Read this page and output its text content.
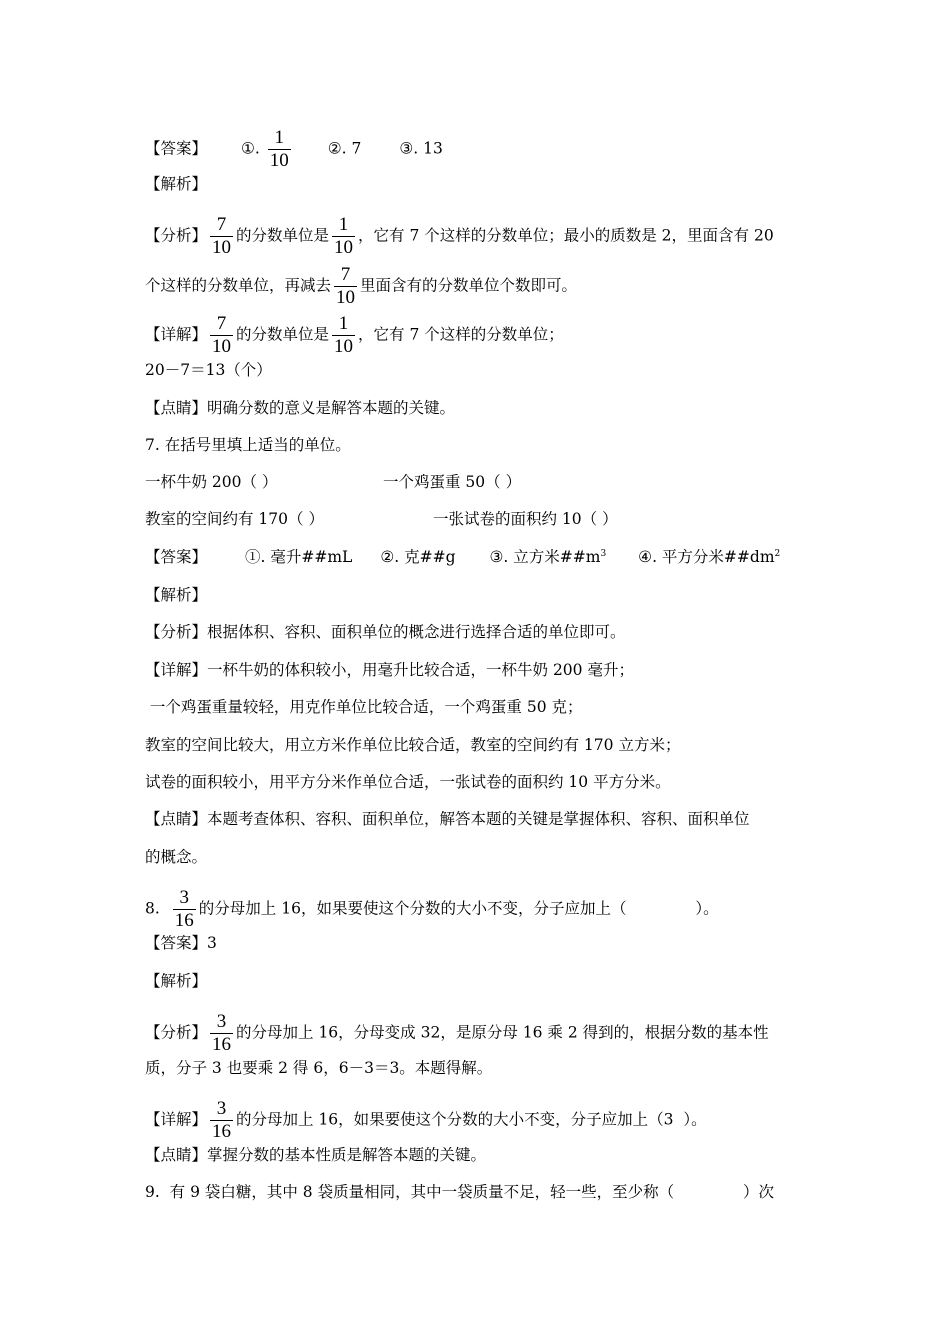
【答案】 ①. $\frac{1}{10}$ ②. 7 ③. 13
【解析】
【分析】 $\frac{7}{10}$ 的分数单位是 $\frac{1}{10}$ ，它有 7 个这样的分数单位；最小的质数是 2，里面含有 20
个这样的分数单位，再减去 $\frac{7}{10}$ 里面含有的分数单位个数即可。
【详解】 $\frac{7}{10}$ 的分数单位是 $\frac{1}{10}$ ，它有 7 个这样的分数单位；
20－7＝13（个）
【点睛】明确分数的意义是解答本题的关键。
7. 在括号里填上适当的单位。
一杯牛奶 200（ ）	一个鸡蛋重 50（ ）
教室的空间约有 170（ ）	一张试卷的面积约 10（ ）
【答案】 ①. 毫升##mL ②. 克##g ③. 立方米$\#\#m^3$ ④. 平方分米$\#\#dm^2$
【解析】
【分析】根据体积、容积、面积单位的概念进行选择合适的单位即可。
【详解】一杯牛奶的体积较小，用毫升比较合适，一杯牛奶 200 毫升；
一个鸡蛋重量较轻，用克作单位比较合适，一个鸡蛋重 50 克；
教室的空间比较大，用立方米作单位比较合适，教室的空间约有 170 立方米；
试卷的面积较小，用平方分米作单位合适，一张试卷的面积约 10 平方分米。
【点睛】本题考查体积、容积、面积单位，解答本题的关键是掌握体积、容积、面积单位
的概念。
8. $\frac{3}{16}$ 的分母加上 16，如果要使这个分数的大小不变，分子应加上（              ）。
【答案】3
【解析】
【分析】 $\frac{3}{16}$ 的分母加上 16，分母变成 32，是原分母 16 乘 2 得到的，根据分数的基本性
质，分子 3 也要乘 2 得 6，6－3＝3。本题得解。
【详解】 $\frac{3}{16}$ 的分母加上 16，如果要使这个分数的大小不变，分子应加上（3  ）。
【点睛】掌握分数的基本性质是解答本题的关键。
9.  有 9 袋白糖，其中 8 袋质量相同，其中一袋质量不足，轻一些，至少称（              ）次
